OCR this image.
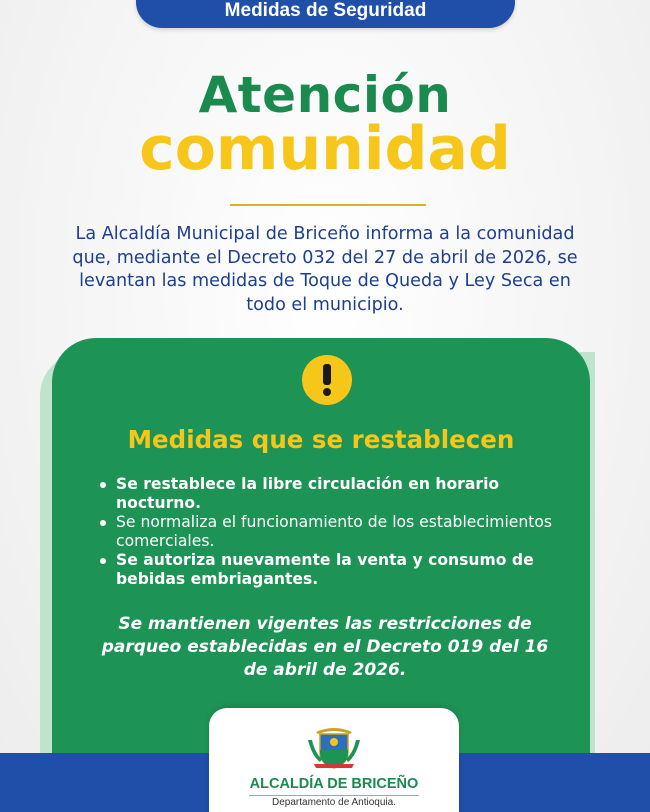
Medidas de Seguridad
Atención
comunidad

La Alcaldía Municipal de Briceño informa a la comunidad que, mediante el Decreto 032 del 27 de abril de 2026, se levantan las medidas de Toque de Queda y Ley Seca en todo el municipio.

Medidas que se restablecen
Se restablece la libre circulación en horario nocturno.
Se normaliza el funcionamiento de los establecimientos comerciales.
Se autoriza nuevamente la venta y consumo de bebidas embriagantes.

Se mantienen vigentes las restricciones de parqueo establecidas en el Decreto 019 del 16 de abril de 2026.

ALCALDÍA DE BRICEÑO
Departamento de Antioquia.
